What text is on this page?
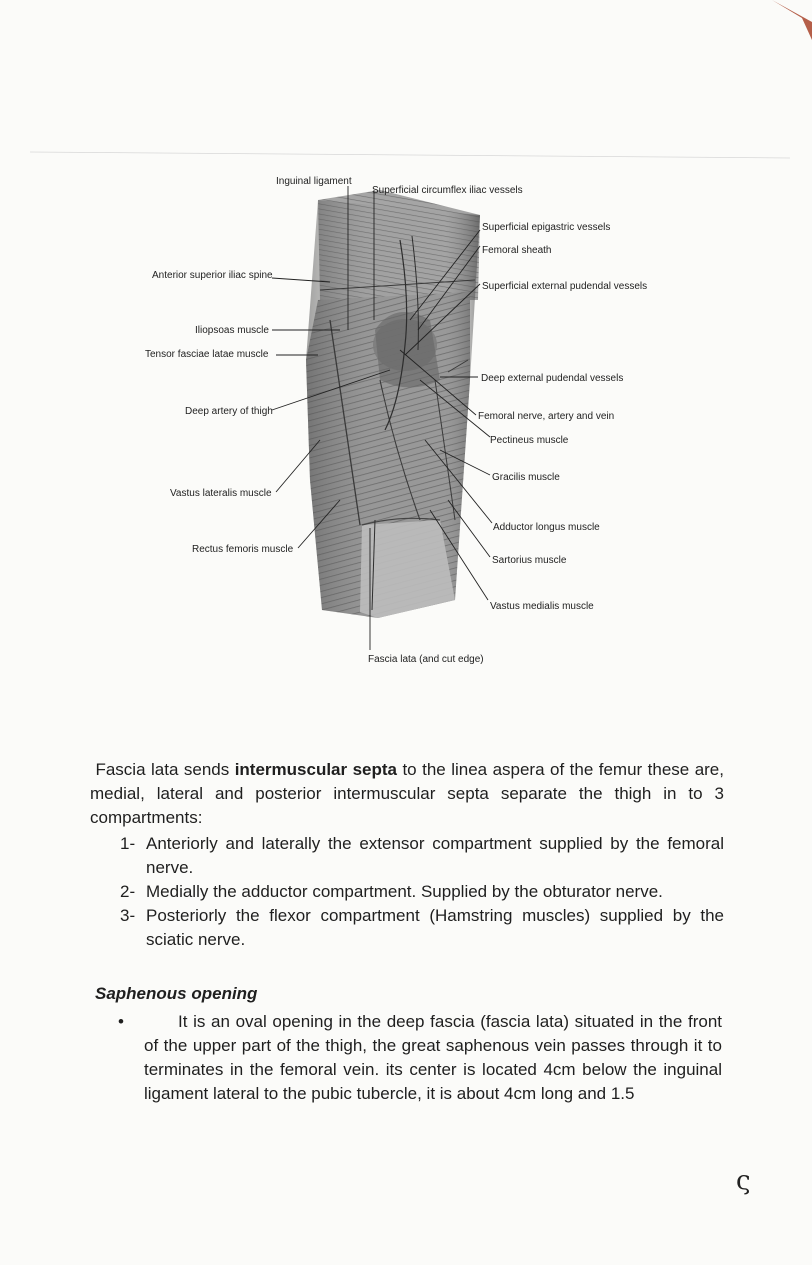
Inguinal ligament
Superficial circumflex iliac vessels
Superficial epigastric vessels
Femoral sheath
Anterior superior iliac spine
Superficial external pudendal vessels
Iliopsoas muscle
Tensor fasciae latae muscle
Deep external pudendal vessels
Deep artery of thigh	Femoral nerve, artery and vein
Pectineus muscle
Gracilis muscle
Vastus lateralis muscle
Adductor longus muscle
Rectus femoris muscle
Sartorius muscle
Vastus medialis muscle
Fascia lata (and cut edge)

Fascia lata sends intermuscular septa to the linea aspera of the femur these are, medial, lateral and posterior intermuscular septa separate the thigh in to 3 compartments:

1- Anteriorly and laterally the extensor compartment supplied by the femoral nerve.
2- Medially the adductor compartment. Supplied by the obturator nerve.
3- Posteriorly the flexor compartment (Hamstring muscles) supplied by the sciatic nerve.
Saphenous opening
•	It is an oval opening in the deep fascia (fascia lata) situated in the front of the upper part of the thigh, the great saphenous vein passes through it to terminates in the femoral vein. its center is located 4cm below the inguinal ligament lateral to the pubic tubercle, it is about 4cm long and 1.5
ς
